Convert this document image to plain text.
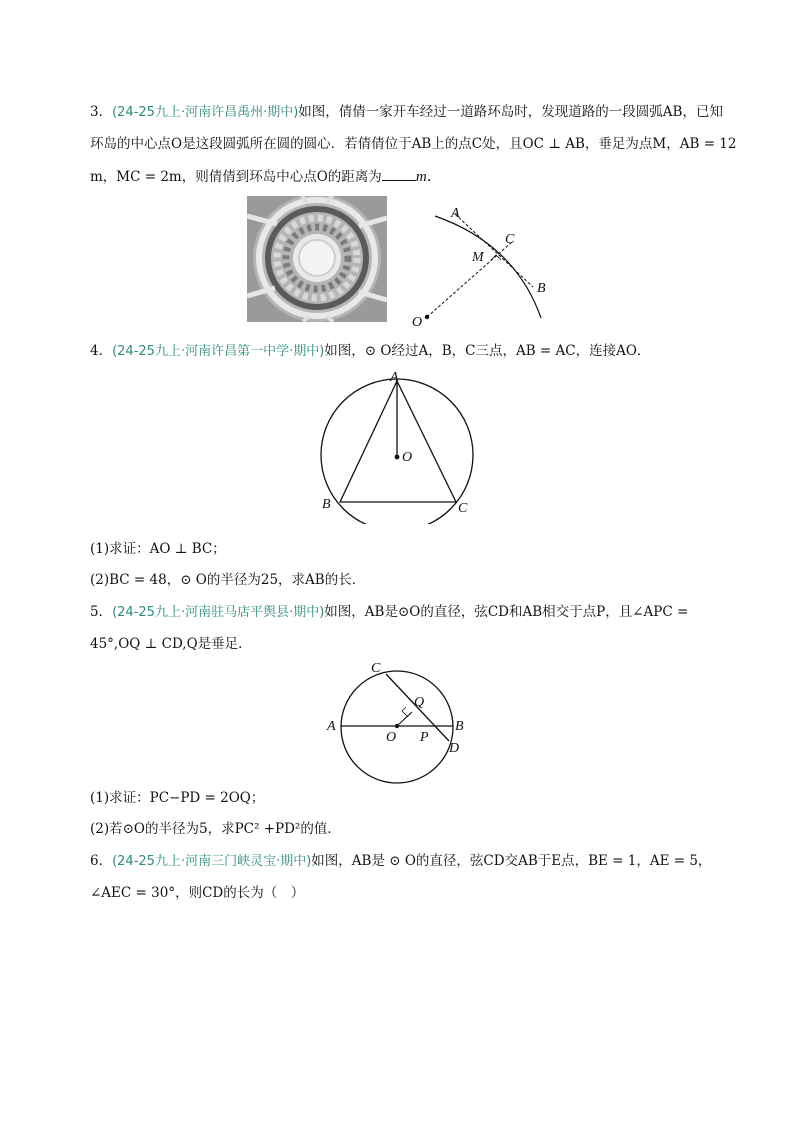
3．(24-25九上·河南许昌禹州·期中)如图，倩倩一家开车经过一道路环岛时，发现道路的一段圆弧AB，已知
环岛的中心点O是这段圆弧所在圆的圆心．若倩倩位于AB上的点C处，且OC ⊥ AB，垂足为点M，AB = 12
m，MC = 2m，则倩倩到环岛中心点O的距离为 m．
A
C
M
B
O
4．(24-25九上·河南许昌第一中学·期中)如图，⊙ O经过A，B，C三点，AB = AC，连接AO．
A
O
B	C
(1)求证：AO ⊥ BC；
(2)BC = 48，⊙ O的半径为25，求AB的长．
5．(24-25九上·河南驻马店平舆县·期中)如图，AB是⊙O的直径，弦CD和AB相交于点P，且∠APC =
45°,OQ ⊥ CD,Q是垂足．
C
Q
A	B
O P
D
(1)求证：PC−PD = 2OQ；
(2)若⊙O的半径为5，求PC² +PD²的值．
6．(24-25九上·河南三门峡灵宝·期中)如图，AB是 ⊙ O的直径，弦CD交AB于E点，BE = 1，AE = 5，
∠AEC = 30°，则CD的长为（　）
